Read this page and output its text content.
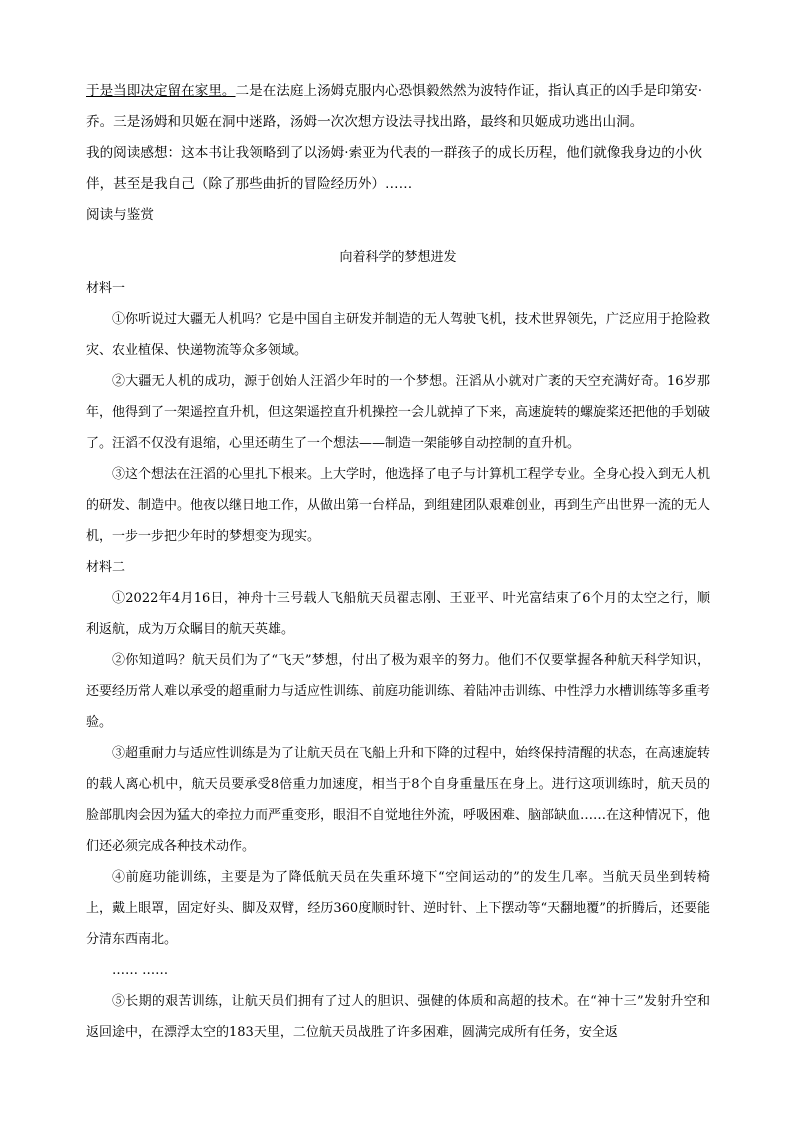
于是当即决定留在家里。二是在法庭上汤姆克服内心恐惧毅然然为波特作证，指认真正的凶手是印第安·乔。三是汤姆和贝姬在洞中迷路，汤姆一次次想方设法寻找出路，最终和贝姬成功逃出山洞。

我的阅读感想：这本书让我领略到了以汤姆·索亚为代表的一群孩子的成长历程，他们就像我身边的小伙伴，甚至是我自己（除了那些曲折的冒险经历外）……

阅读与鉴赏

向着科学的梦想进发

材料一

①你听说过大疆无人机吗？它是中国自主研发并制造的无人驾驶飞机，技术世界领先，广泛应用于抢险救灾、农业植保、快递物流等众多领域。

②大疆无人机的成功，源于创始人汪滔少年时的一个梦想。汪滔从小就对广袤的天空充满好奇。16岁那年，他得到了一架遥控直升机，但这架遥控直升机操控一会儿就掉了下来，高速旋转的螺旋桨还把他的手划破了。汪滔不仅没有退缩，心里还萌生了一个想法——制造一架能够自动控制的直升机。

③这个想法在汪滔的心里扎下根来。上大学时，他选择了电子与计算机工程学专业。全身心投入到无人机的研发、制造中。他夜以继日地工作，从做出第一台样品，到组建团队艰难创业，再到生产出世界一流的无人机，一步一步把少年时的梦想变为现实。

材料二

①2022年4月16日，神舟十三号载人飞船航天员翟志刚、王亚平、叶光富结束了6个月的太空之行，顺利返航，成为万众瞩目的航天英雄。

②你知道吗？航天员们为了“飞天”梦想，付出了极为艰辛的努力。他们不仅要掌握各种航天科学知识，还要经历常人难以承受的超重耐力与适应性训练、前庭功能训练、着陆冲击训练、中性浮力水槽训练等多重考验。

③超重耐力与适应性训练是为了让航天员在飞船上升和下降的过程中，始终保持清醒的状态，在高速旋转的载人离心机中，航天员要承受8倍重力加速度，相当于8个自身重量压在身上。进行这项训练时，航天员的脸部肌肉会因为猛大的牵拉力而严重变形，眼泪不自觉地往外流，呼吸困难、脑部缺血……在这种情况下，他们还必须完成各种技术动作。

④前庭功能训练，主要是为了降低航天员在失重环境下“空间运动的”的发生几率。当航天员坐到转椅上，戴上眼罩，固定好头、脚及双臂，经历360度顺时针、逆时针、上下摆动等“天翻地覆”的折腾后，还要能分清东西南北。

…… ……

⑤长期的艰苦训练，让航天员们拥有了过人的胆识、强健的体质和高超的技术。在“神十三”发射升空和返回途中，在漂浮太空的183天里，二位航天员战胜了许多困难，圆满完成所有任务，安全返
